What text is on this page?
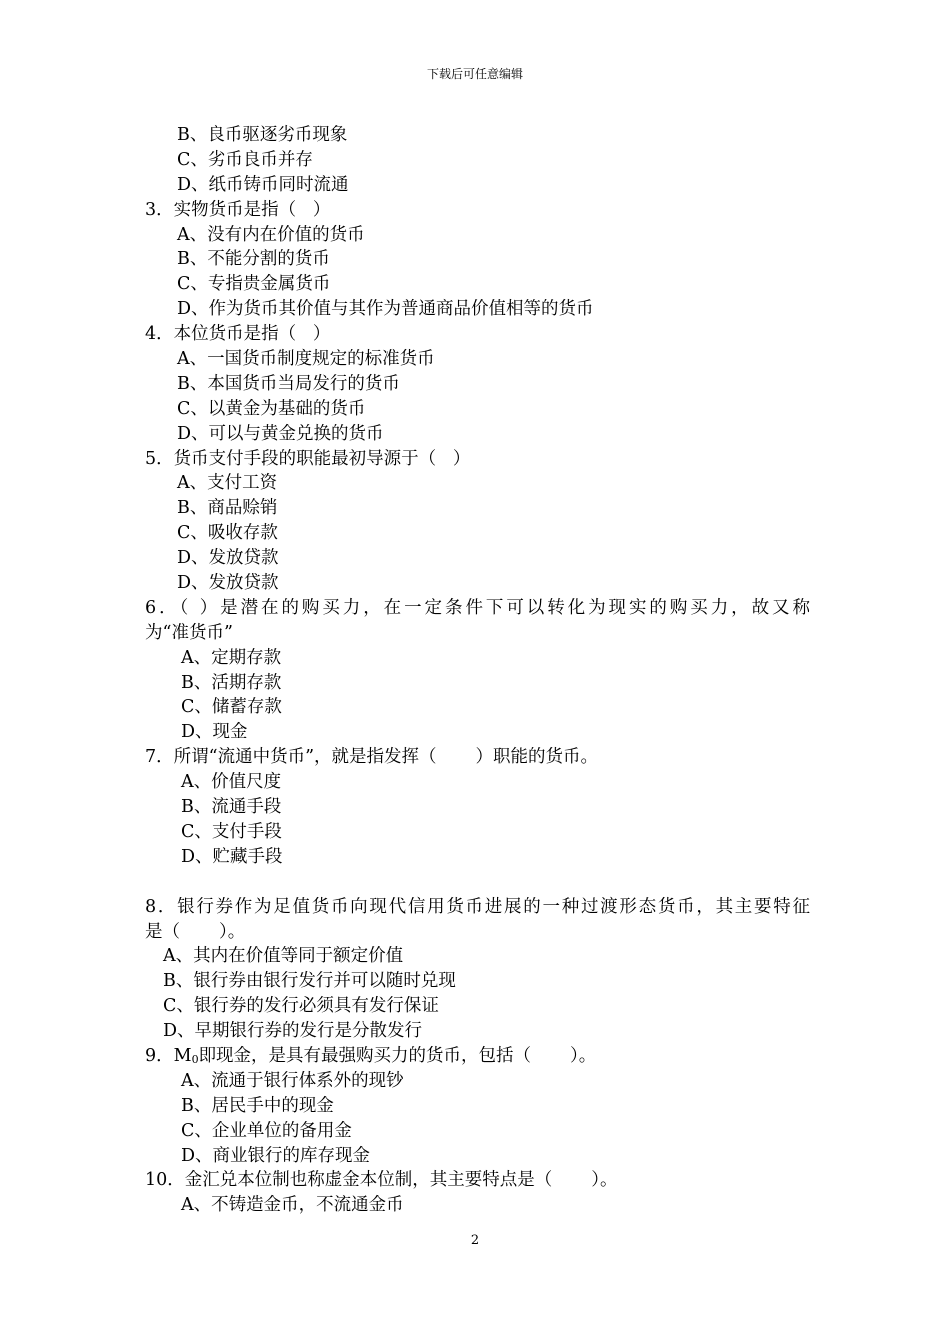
下载后可任意编辑
B、良币驱逐劣币现象
C、劣币良币并存
D、纸币铸币同时流通
3．实物货币是指（   ）
A、没有内在价值的货币
B、不能分割的货币
C、专指贵金属货币
D、作为货币其价值与其作为普通商品价值相等的货币
4．本位货币是指（   ）
A、一国货币制度规定的标准货币
B、本国货币当局发行的货币
C、以黄金为基础的货币
D、可以与黄金兑换的货币
5．货币支付手段的职能最初导源于（   ）
A、支付工资
B、商品赊销
C、吸收存款
D、发放贷款
D、发放贷款
6．（ ）是潜在的购买力，在一定条件下可以转化为现实的购买力，故又称
为“准货币”
A、定期存款
B、活期存款
C、储蓄存款
D、现金
7．所谓“流通中货币”，就是指发挥（       ）职能的货币。
A、价值尺度
B、流通手段
C、支付手段
D、贮藏手段
8．银行券作为足值货币向现代信用货币进展的一种过渡形态货币，其主要特征
是（       ）。
A、其内在价值等同于额定价值
B、银行券由银行发行并可以随时兑现
C、银行券的发行必须具有发行保证
D、早期银行券的发行是分散发行
9．$M_0$即现金，是具有最强购买力的货币，包括（       ）。
A、流通于银行体系外的现钞
B、居民手中的现金
C、企业单位的备用金
D、商业银行的库存现金
10．金汇兑本位制也称虚金本位制，其主要特点是（       ）。
A、不铸造金币，不流通金币
2
